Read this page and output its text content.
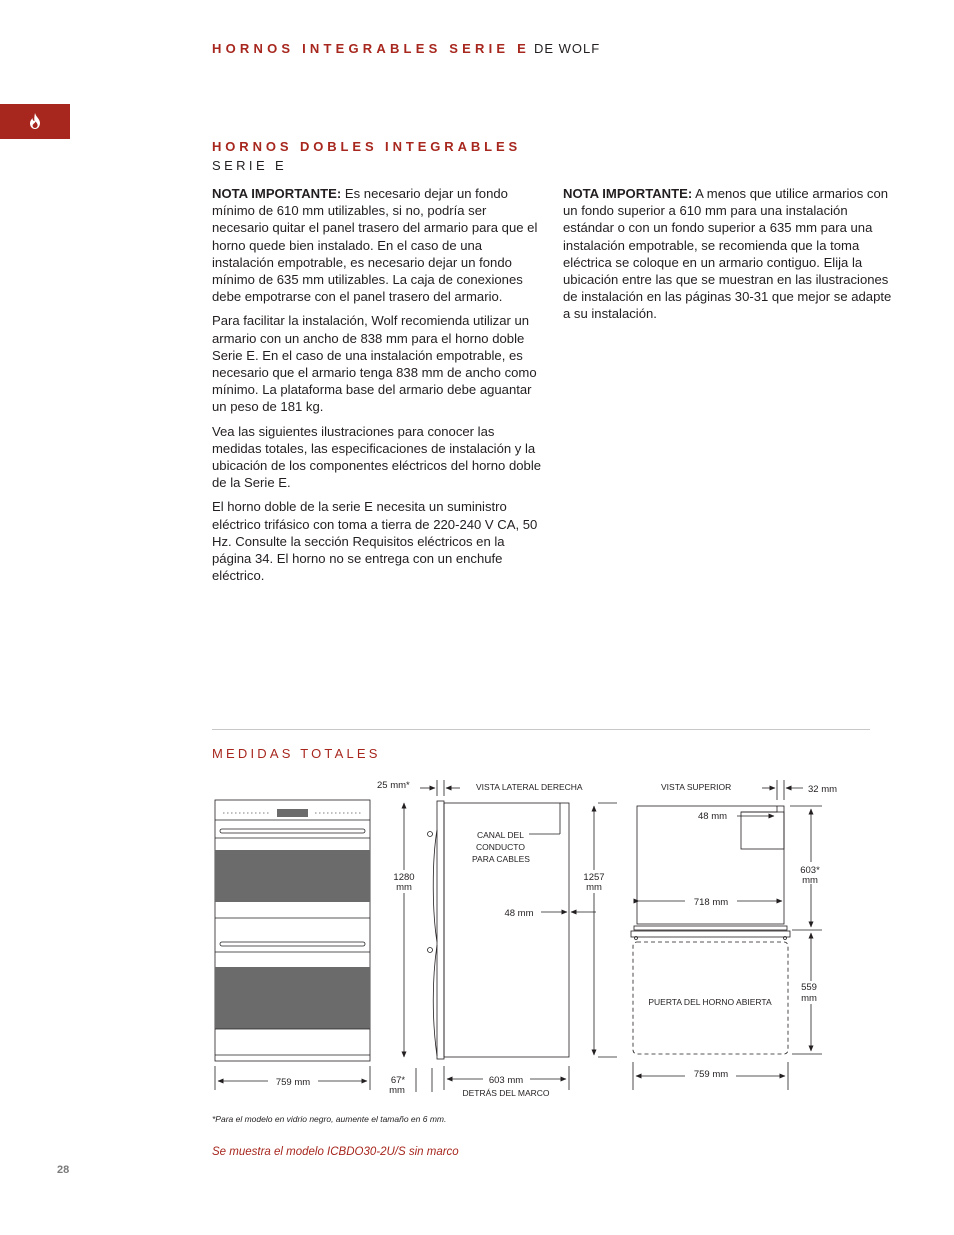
HORNOS INTEGRABLES SERIE E DE WOLF
HORNOS DOBLES INTEGRABLES
SERIE E

NOTA IMPORTANTE: Es necesario dejar un fondo mínimo de 610 mm utilizables, si no, podría ser necesario quitar el panel trasero del armario para que el horno quede bien instalado. En el caso de una instalación empotrable, es necesario dejar un fondo mínimo de 635 mm utilizables. La caja de conexiones debe empotrarse con el panel trasero del armario.

Para facilitar la instalación, Wolf recomienda utilizar un armario con un ancho de 838 mm para el horno doble Serie E. En el caso de una instalación empotrable, es necesario que el armario tenga 838 mm de ancho como mínimo. La plataforma base del armario debe aguantar un peso de 181 kg.

Vea las siguientes ilustraciones para conocer las medidas totales, las especificaciones de instalación y la ubicación de los componentes eléctricos del horno doble de la Serie E.

El horno doble de la serie E necesita un suministro eléctrico trifásico con toma a tierra de 220-240 V CA, 50 Hz. Consulte la sección Requisitos eléctricos en la página 34. El horno no se entrega con un enchufe eléctrico.

NOTA IMPORTANTE: A menos que utilice armarios con un fondo superior a 610 mm para una instalación estándar o con un fondo superior a 635 mm para una instalación empotrable, se recomienda que la toma eléctrica se coloque en un armario contiguo. Elija la ubicación entre las que se muestran en las ilustraciones de instalación en las páginas 30-31 que mejor se adapte a su instalación.

MEDIDAS TOTALES
WOLF
759 mm
25 mm*	VISTA LATERAL DERECHA
CANAL DEL
CONDUCTO
PARA CABLES
1280
mm
1257
mm
48 mm
67*
mm
603 mm
DETRÁS DEL MARCO
VISTA SUPERIOR	32 mm
48 mm
603*
mm
718 mm
559
mm
PUERTA DEL HORNO ABIERTA
759 mm
*Para el modelo en vidrio negro, aumente el tamaño en 6 mm.
Se muestra el modelo ICBDO30-2U/S sin marco
28
